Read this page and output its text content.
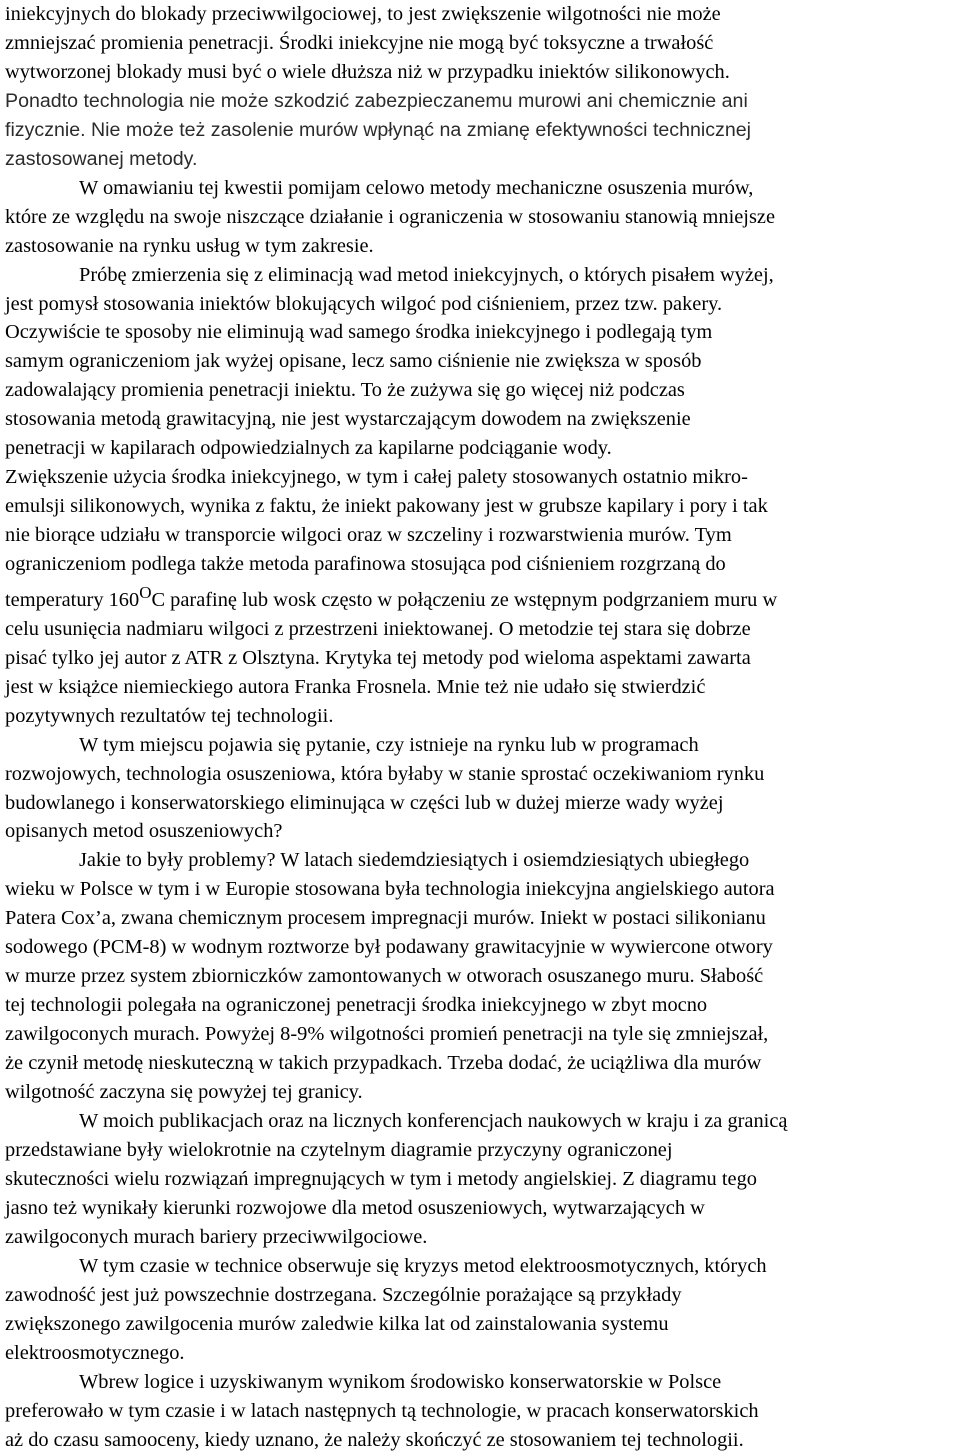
iniekcyjnych do blokady przeciwwilgociowej, to jest zwiększenie wilgotności nie może

zmniejszać promienia penetracji. Środki iniekcyjne nie mogą być toksyczne a trwałość

wytworzonej blokady musi być o wiele dłuższa niż w przypadku iniektów silikonowych.

Ponadto technologia nie może szkodzić zabezpieczanemu murowi ani chemicznie ani

fizycznie. Nie może też zasolenie murów wpłynąć na zmianę efektywności technicznej

zastosowanej metody.

W omawianiu tej kwestii pomijam celowo metody mechaniczne osuszenia murów,

które ze względu na swoje niszczące działanie i ograniczenia w stosowaniu stanowią mniejsze

zastosowanie na rynku usług w tym zakresie.

Próbę zmierzenia się z eliminacją wad metod iniekcyjnych, o których pisałem wyżej,

jest pomysł stosowania iniektów blokujących wilgoć pod ciśnieniem, przez tzw. pakery.

Oczywiście te sposoby nie eliminują wad samego środka iniekcyjnego i podlegają tym

samym ograniczeniom jak wyżej opisane, lecz samo ciśnienie nie zwiększa w sposób

zadowalający promienia penetracji iniektu. To że zużywa się go więcej niż podczas

stosowania metodą grawitacyjną, nie jest wystarczającym dowodem na zwiększenie

penetracji w kapilarach odpowiedzialnych za kapilarne podciąganie wody.

Zwiększenie użycia środka iniekcyjnego, w tym i całej palety stosowanych ostatnio mikro-

emulsji silikonowych, wynika z faktu, że iniekt pakowany jest w grubsze kapilary i pory i tak

nie biorące udziału w transporcie wilgoci oraz w szczeliny i rozwarstwienia murów. Tym

ograniczeniom podlega także metoda parafinowa stosująca pod ciśnieniem rozgrzaną do

temperatury $160^OC$ parafinę lub wosk często w połączeniu ze wstępnym podgrzaniem muru w

celu usunięcia nadmiaru wilgoci z przestrzeni iniektowanej. O metodzie tej stara się dobrze

pisać tylko jej autor z ATR z Olsztyna. Krytyka tej metody pod wieloma aspektami zawarta

jest w książce niemieckiego autora Franka Frosnela. Mnie też nie udało się stwierdzić

pozytywnych rezultatów tej technologii.

W tym miejscu pojawia się pytanie, czy istnieje na rynku lub w programach

rozwojowych, technologia osuszeniowa, która byłaby w stanie sprostać oczekiwaniom rynku

budowlanego i konserwatorskiego eliminująca w części lub w dużej mierze wady wyżej

opisanych metod osuszeniowych?

Jakie to były problemy? W latach siedemdziesiątych i osiemdziesiątych ubiegłego

wieku w Polsce w tym i w Europie stosowana była technologia iniekcyjna angielskiego autora

Patera Cox’a, zwana chemicznym procesem impregnacji murów. Iniekt w postaci silikonianu

sodowego (PCM-8) w wodnym roztworze był podawany grawitacyjnie w wywiercone otwory

w murze przez system zbiorniczków zamontowanych w otworach osuszanego muru. Słabość

tej technologii polegała na ograniczonej penetracji środka iniekcyjnego w zbyt mocno

zawilgoconych murach. Powyżej 8-9% wilgotności promień penetracji na tyle się zmniejszał,

że czynił metodę nieskuteczną w takich przypadkach. Trzeba dodać, że uciążliwa dla murów

wilgotność zaczyna się powyżej tej granicy.

W moich publikacjach oraz na licznych konferencjach naukowych w kraju i za granicą

przedstawiane były wielokrotnie na czytelnym diagramie przyczyny ograniczonej

skuteczności wielu rozwiązań impregnujących w tym i metody angielskiej. Z diagramu tego

jasno też wynikały kierunki rozwojowe dla metod osuszeniowych, wytwarzających w

zawilgoconych murach bariery przeciwwilgociowe.

W tym czasie w technice obserwuje się kryzys metod elektroosmotycznych, których

zawodność jest już powszechnie dostrzegana. Szczególnie porażające są przykłady

zwiększonego zawilgocenia murów zaledwie kilka lat od zainstalowania systemu

elektroosmotycznego.

Wbrew logice i uzyskiwanym wynikom środowisko konserwatorskie w Polsce

preferowało w tym czasie i w latach następnych tą technologie, w pracach konserwatorskich

aż do czasu samooceny, kiedy uznano, że należy skończyć ze stosowaniem tej technologii.
